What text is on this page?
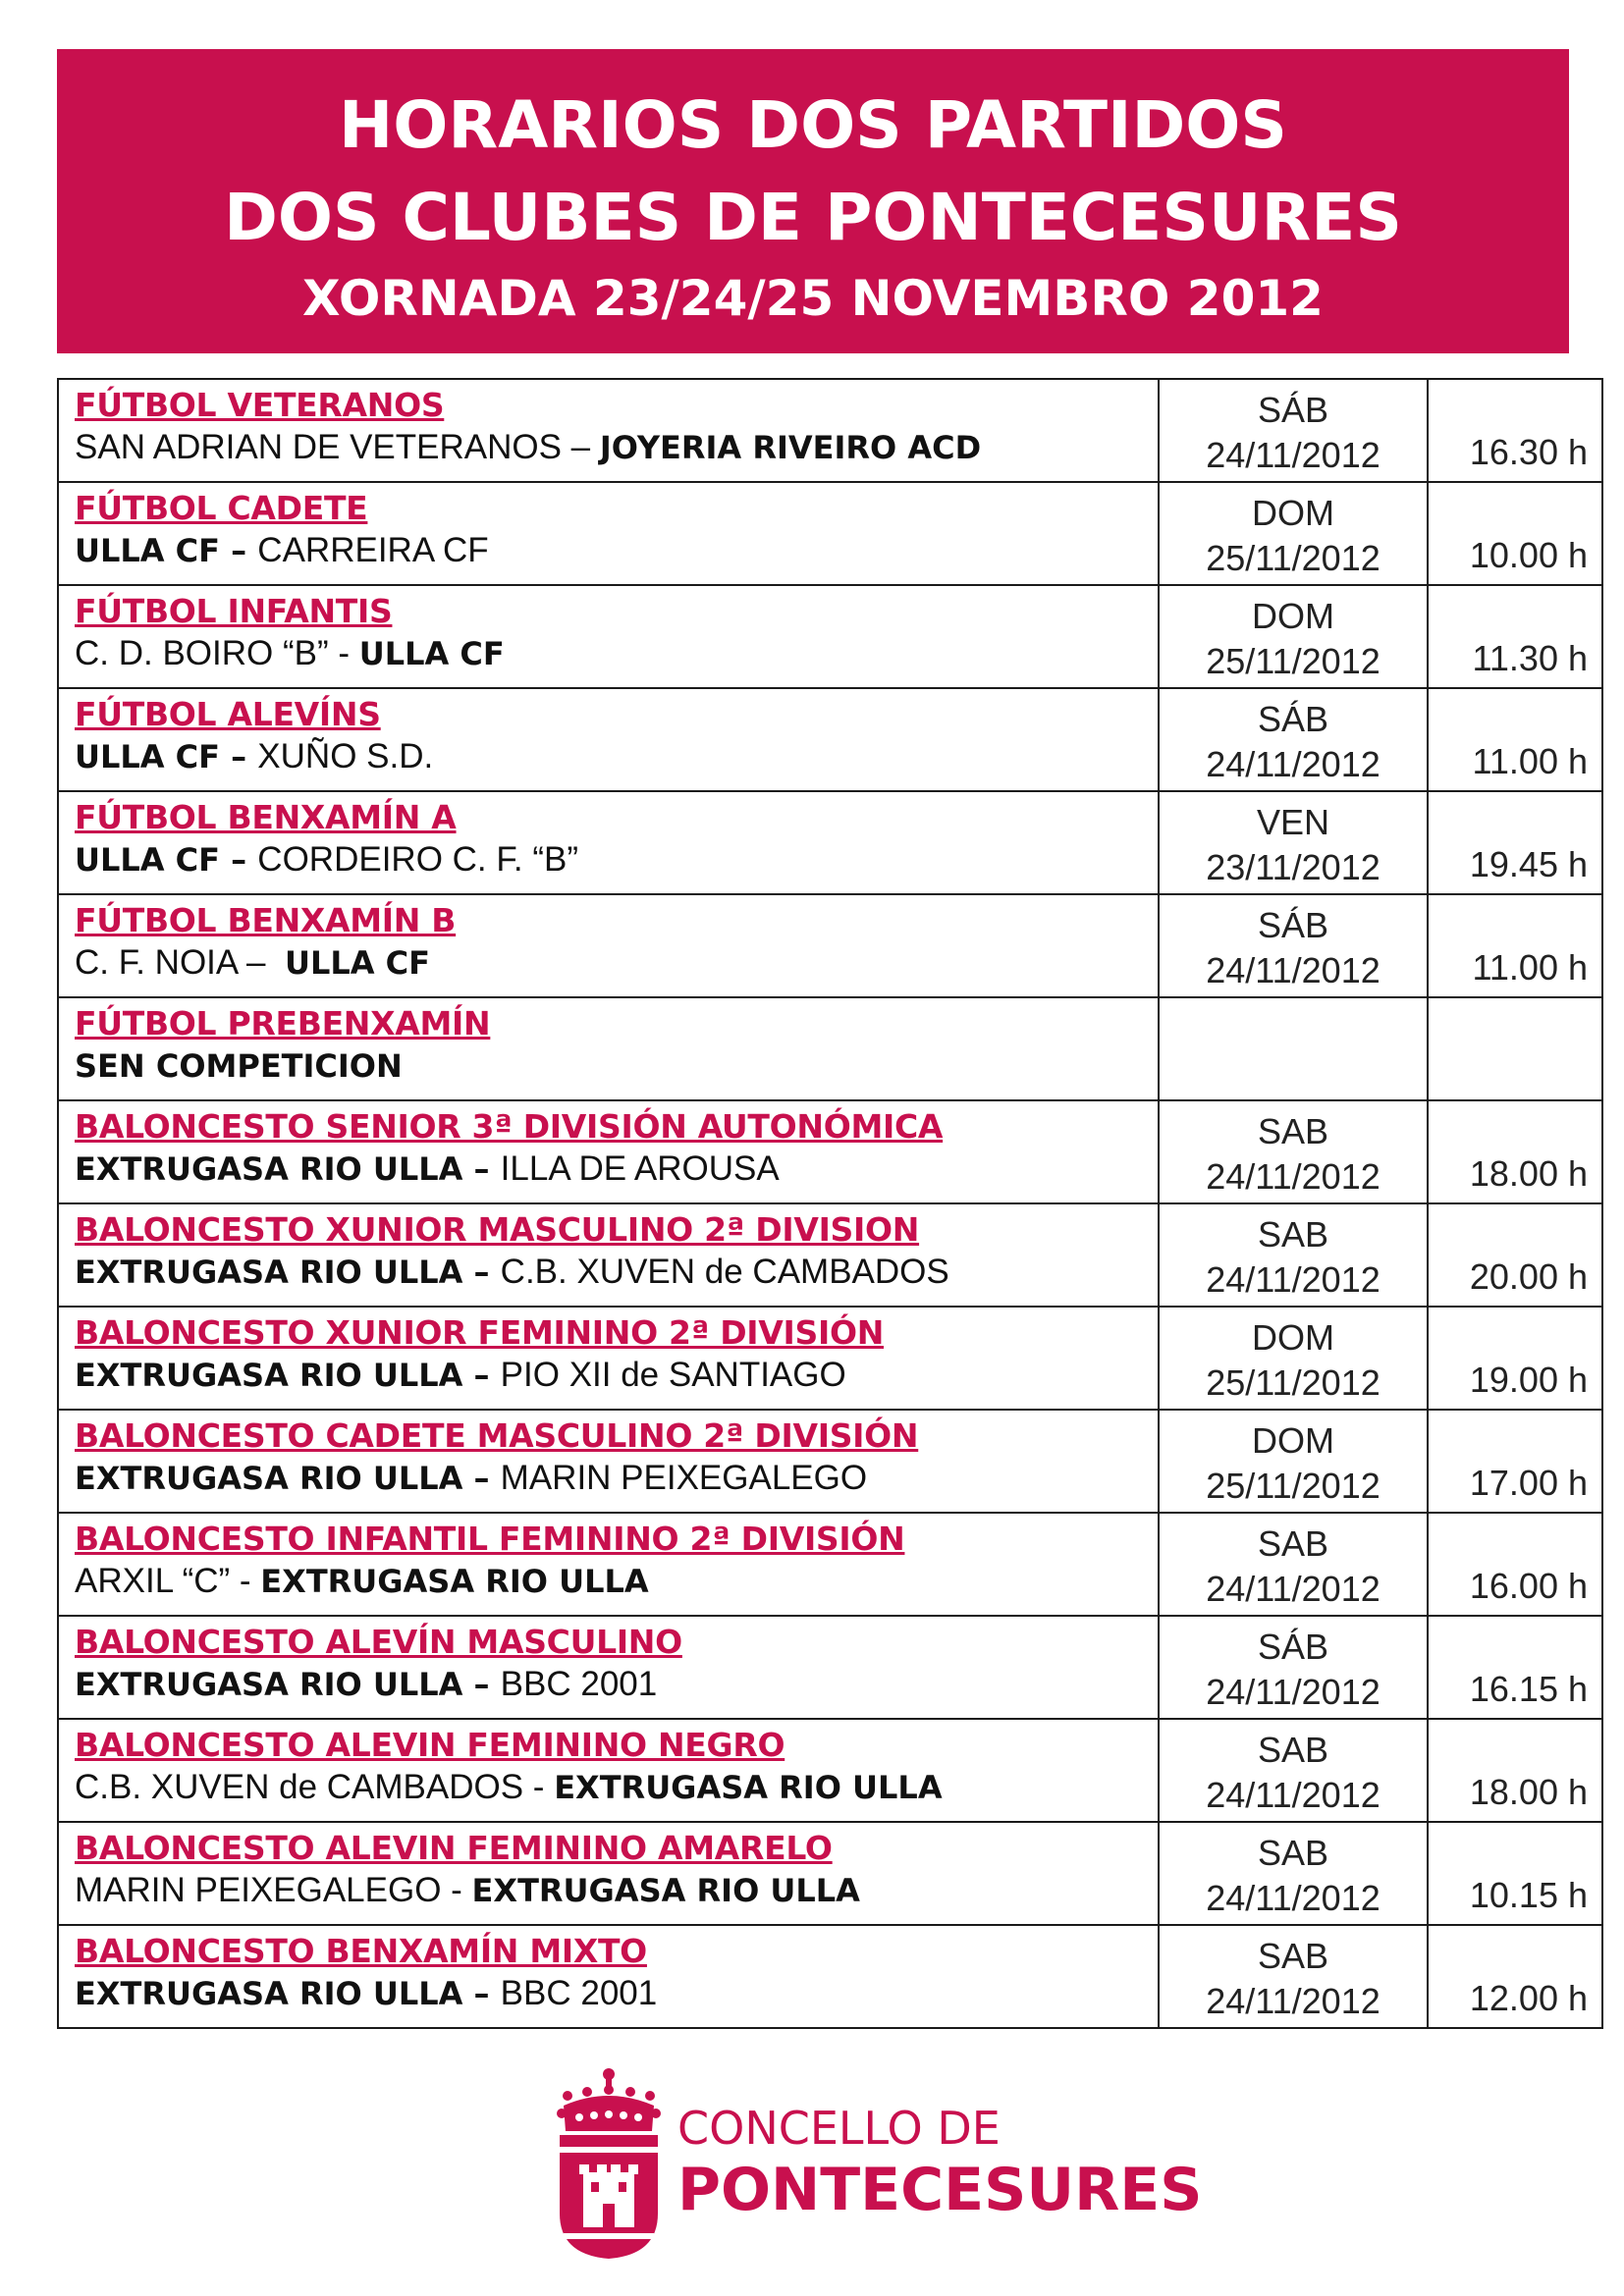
HORARIOS DOS PARTIDOS
DOS CLUBES DE PONTECESURES
XORNADA 23/24/25 NOVEMBRO 2012
FÚTBOL VETERANOS
SAN ADRIAN DE VETERANOS – JOYERIA RIVEIRO ACD	SÁB
24/11/2012	16.30 h

FÚTBOL CADETE
ULLA CF – CARREIRA CF	DOM
25/11/2012	10.00 h

FÚTBOL INFANTIS
C. D. BOIRO “B” - ULLA CF	DOM
25/11/2012	11.30 h

FÚTBOL ALEVÍNS
ULLA CF – XUÑO S.D.	SÁB
24/11/2012	11.00 h

FÚTBOL BENXAMÍN A
ULLA CF – CORDEIRO C. F. “B”	VEN
23/11/2012	19.45 h

FÚTBOL BENXAMÍN B
C. F. NOIA –  ULLA CF	SÁB
24/11/2012	11.00 h

FÚTBOL PREBENXAMÍN
SEN COMPETICION		

BALONCESTO SENIOR 3ª DIVISIÓN AUTONÓMICA
EXTRUGASA RIO ULLA – ILLA DE AROUSA	SAB
24/11/2012	18.00 h

BALONCESTO XUNIOR MASCULINO 2ª DIVISION
EXTRUGASA RIO ULLA – C.B. XUVEN de CAMBADOS	SAB
24/11/2012	20.00 h

BALONCESTO XUNIOR FEMININO 2ª DIVISIÓN
EXTRUGASA RIO ULLA – PIO XII de SANTIAGO	DOM
25/11/2012	19.00 h

BALONCESTO CADETE MASCULINO 2ª DIVISIÓN
EXTRUGASA RIO ULLA – MARIN PEIXEGALEGO	DOM
25/11/2012	17.00 h

BALONCESTO INFANTIL FEMININO 2ª DIVISIÓN
ARXIL “C” - EXTRUGASA RIO ULLA	SAB
24/11/2012	16.00 h

BALONCESTO ALEVÍN MASCULINO
EXTRUGASA RIO ULLA – BBC 2001	SÁB
24/11/2012	16.15 h

BALONCESTO ALEVIN FEMININO NEGRO
C.B. XUVEN de CAMBADOS - EXTRUGASA RIO ULLA	SAB
24/11/2012	18.00 h

BALONCESTO ALEVIN FEMININO AMARELO
MARIN PEIXEGALEGO - EXTRUGASA RIO ULLA	SAB
24/11/2012	10.15 h

BALONCESTO BENXAMÍN MIXTO
EXTRUGASA RIO ULLA – BBC 2001	SAB
24/11/2012	12.00 h
CONCELLO DE
PONTECESURES
